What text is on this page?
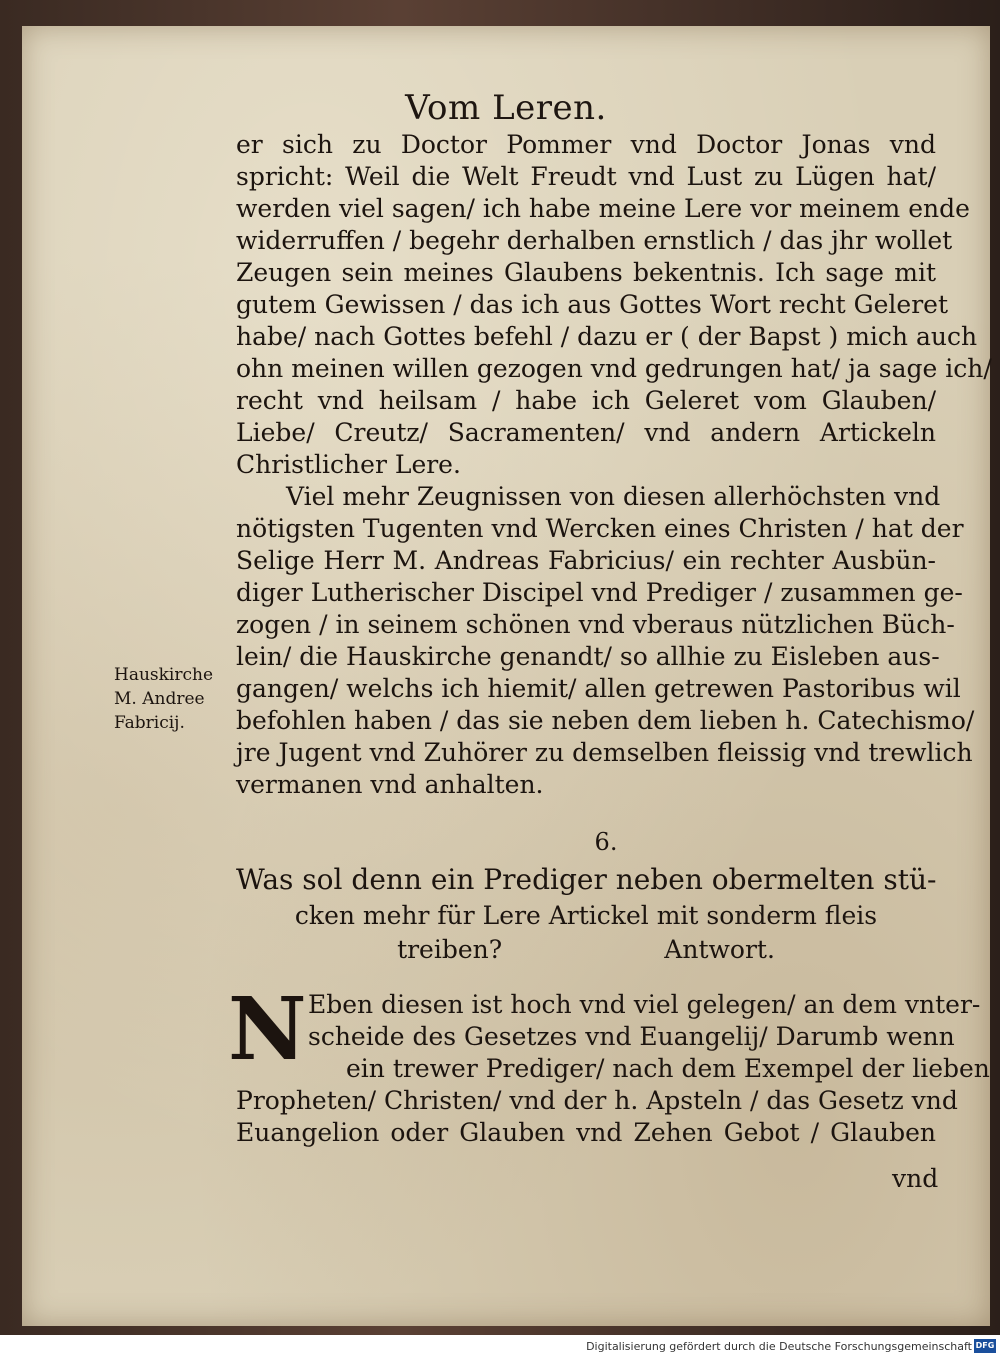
Vom Leren.
er sich zu Doctor Pommer vnd Doctor Jonas vnd
spricht: Weil die Welt Freudt vnd Lust zu Lügen hat/
werden viel sagen/ ich habe meine Lere vor meinem ende
widerruffen / begehr derhalben ernstlich / das jhr wollet
Zeugen sein meines Glaubens bekentnis. Ich sage mit
gutem Gewissen / das ich aus Gottes Wort recht Geleret
habe/ nach Gottes befehl / dazu er ( der Bapst ) mich auch
ohn meinen willen gezogen vnd gedrungen hat/ ja sage ich/
recht vnd heilsam / habe ich Geleret vom Glauben/
Liebe/ Creutz/ Sacramenten/ vnd andern Artickeln
Christlicher Lere.
Viel mehr Zeugnissen von diesen allerhöchsten vnd
nötigsten Tugenten vnd Wercken eines Christen / hat der
Selige Herr M. Andreas Fabricius/ ein rechter Ausbün-
diger Lutherischer Discipel vnd Prediger / zusammen ge-
zogen / in seinem schönen vnd vberaus nützlichen Büch-
lein/ die Hauskirche genandt/ so allhie zu Eisleben aus-
gangen/ welchs ich hiemit/ allen getrewen Pastoribus wil
befohlen haben / das sie neben dem lieben h. Catechismo/
jre Jugent vnd Zuhörer zu demselben fleissig vnd trewlich
vermanen vnd anhalten.
6.
Was sol denn ein Prediger neben obermelten stü-
cken mehr für Lere Artickel mit sonderm fleis
treiben?	Antwort.
N Eben diesen ist hoch vnd viel gelegen/ an dem vnter-
scheide des Gesetzes vnd Euangelij/ Darumb wenn
ein trewer Prediger/ nach dem Exempel der lieben
Propheten/ Christen/ vnd der h. Apsteln / das Gesetz vnd
Euangelion oder Glauben vnd Zehen Gebot / Glauben
Hauskirche
M. Andree
Fabricij.
vnd
Digitalisierung gefördert durch die Deutsche Forschungsgemeinschaft DFG
